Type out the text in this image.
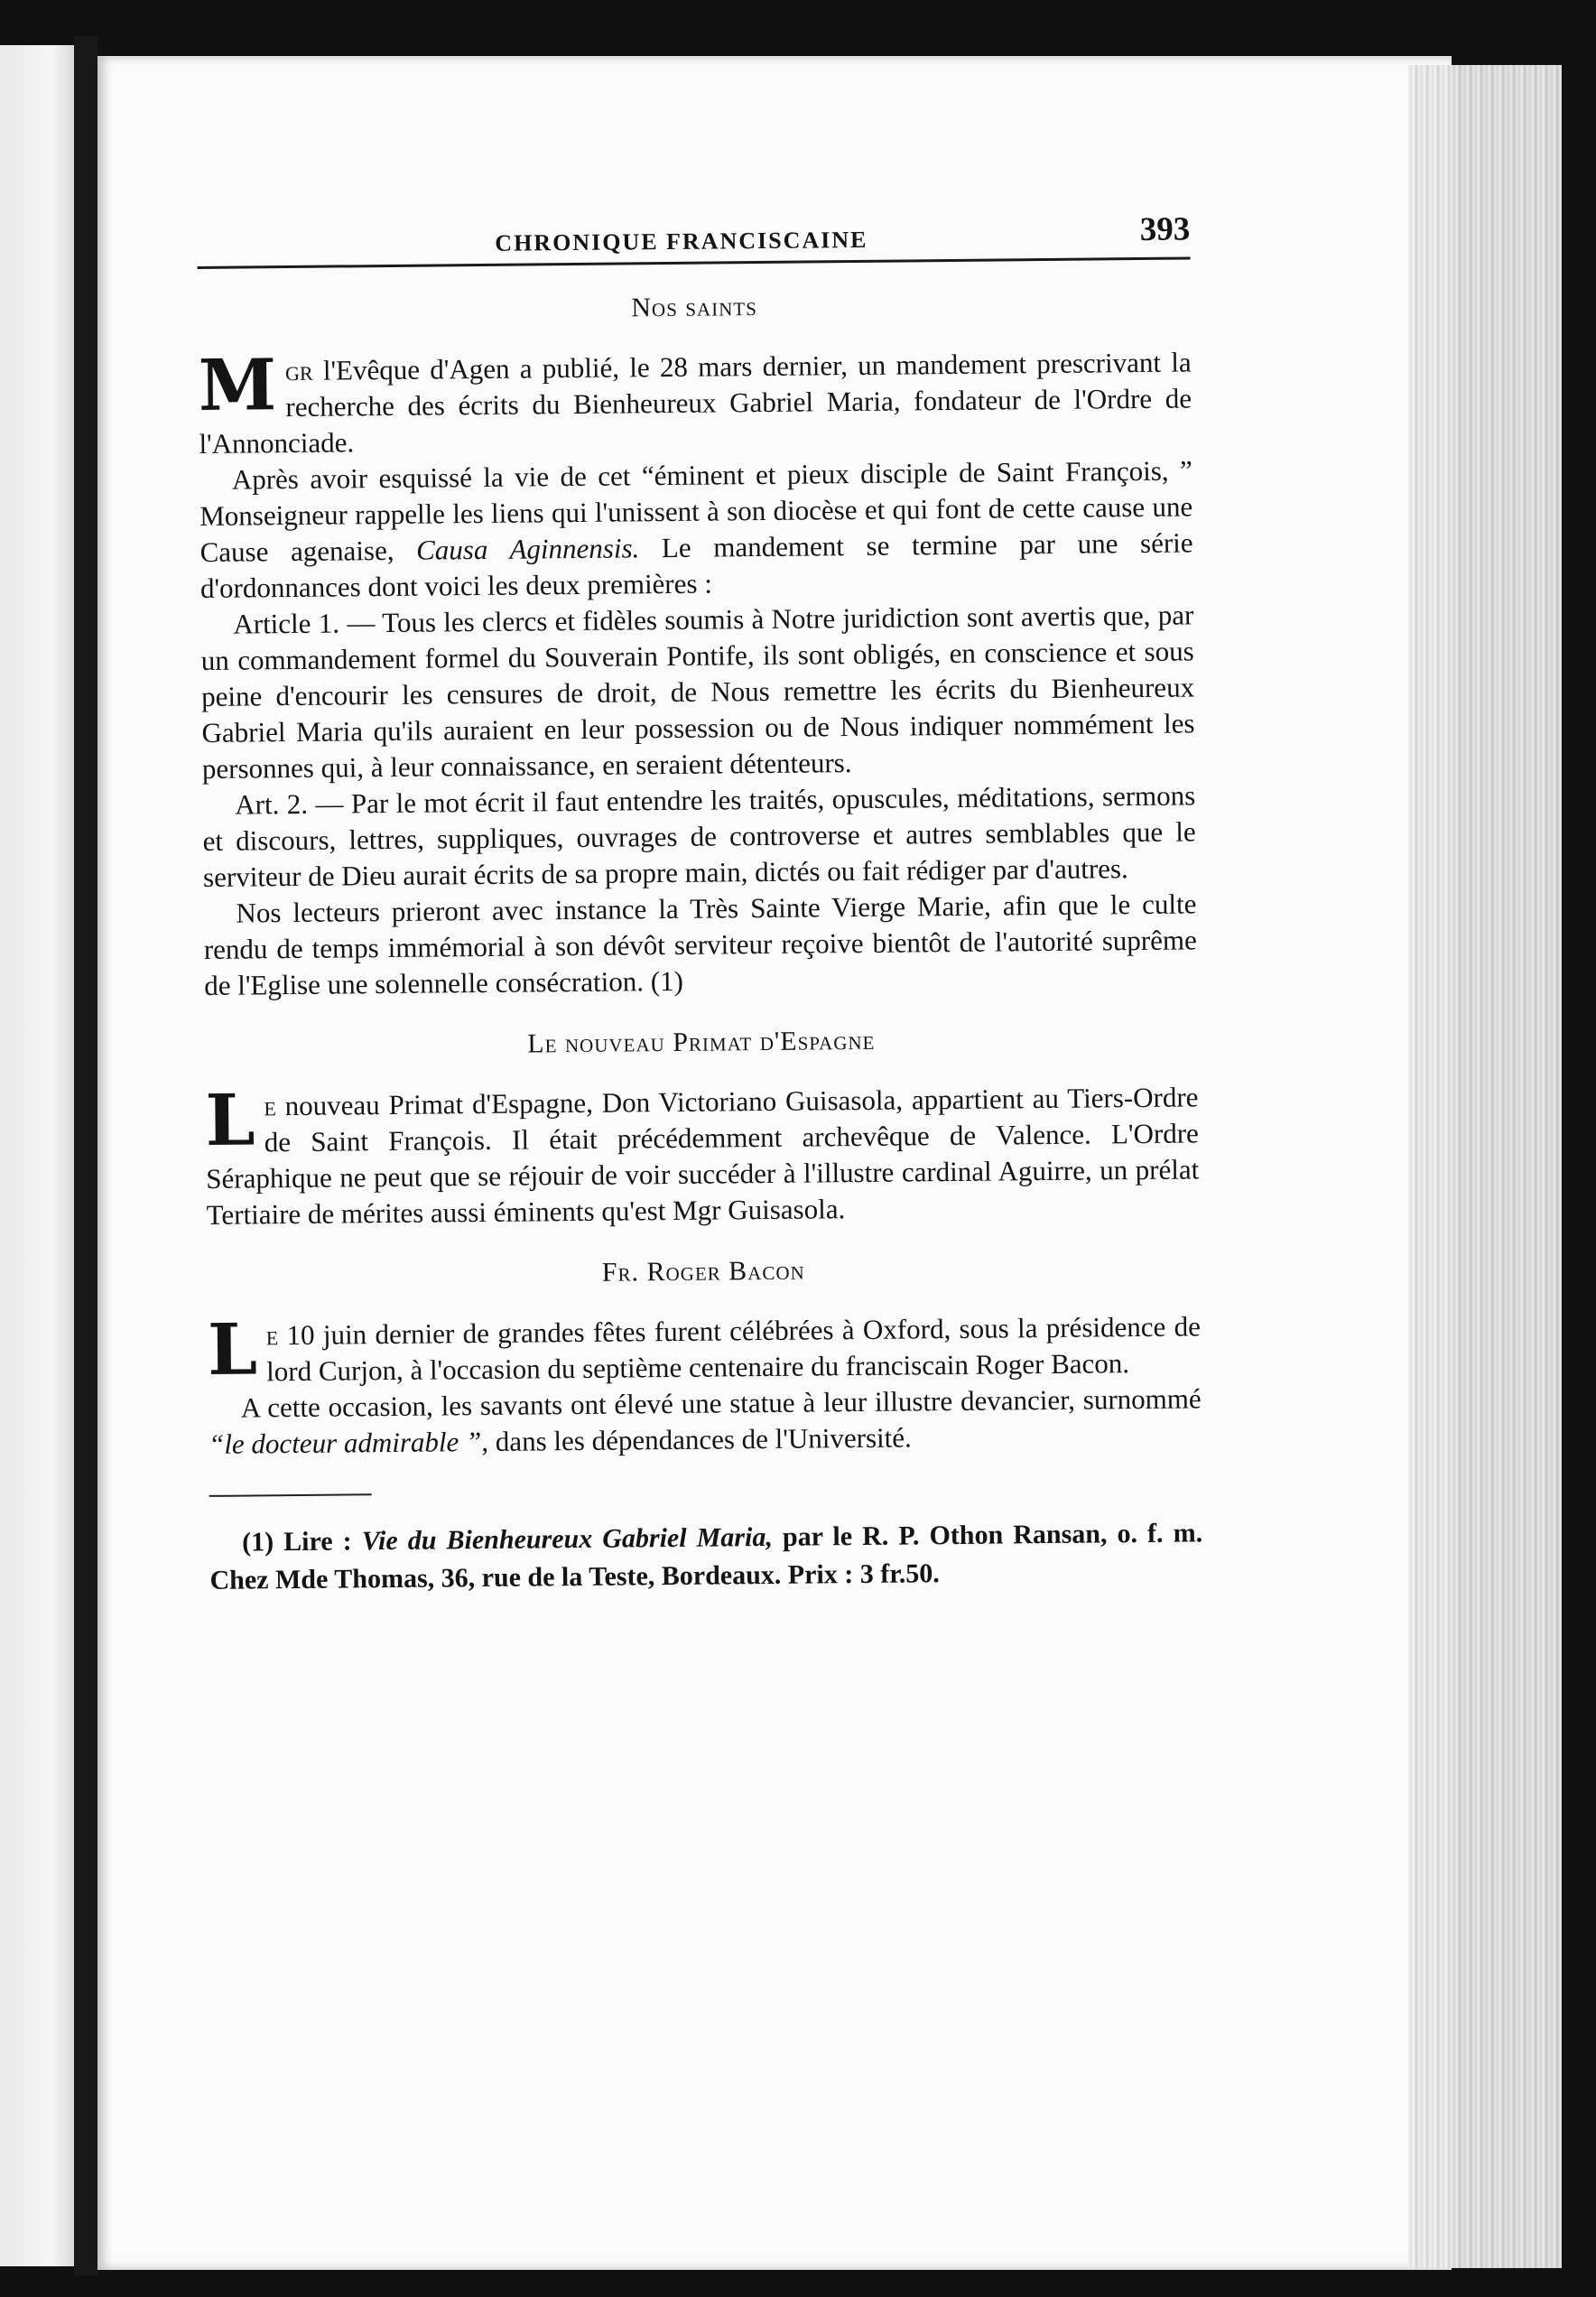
CHRONIQUE FRANCISCAINE	393
Nos saints

Mgr l'Evêque d'Agen a publié, le 28 mars dernier, un mandement prescrivant la recherche des écrits du Bienheureux Gabriel Maria, fondateur de l'Ordre de l'Annonciade.

Après avoir esquissé la vie de cet “éminent et pieux disciple de Saint François, ” Monseigneur rappelle les liens qui l'unissent à son diocèse et qui font de cette cause une Cause agenaise, Causa Aginnensis. Le mandement se termine par une série d'ordonnances dont voici les deux premières :

Article 1. — Tous les clercs et fidèles soumis à Notre juridiction sont avertis que, par un commandement formel du Souverain Pontife, ils sont obligés, en conscience et sous peine d'encourir les censures de droit, de Nous remettre les écrits du Bienheureux Gabriel Maria qu'ils auraient en leur possession ou de Nous indiquer nommément les personnes qui, à leur connaissance, en seraient détenteurs.

Art. 2. — Par le mot écrit il faut entendre les traités, opuscules, méditations, sermons et discours, lettres, suppliques, ouvrages de controverse et autres semblables que le serviteur de Dieu aurait écrits de sa propre main, dictés ou fait rédiger par d'autres.

Nos lecteurs prieront avec instance la Très Sainte Vierge Marie, afin que le culte rendu de temps immémorial à son dévôt serviteur reçoive bientôt de l'autorité suprême de l'Eglise une solennelle consécration. (1)

Le nouveau Primat d'Espagne

Le nouveau Primat d'Espagne, Don Victoriano Guisasola, appartient au Tiers-Ordre de Saint François. Il était précédemment archevêque de Valence. L'Ordre Séraphique ne peut que se réjouir de voir succéder à l'illustre cardinal Aguirre, un prélat Tertiaire de mérites aussi éminents qu'est Mgr Guisasola.

Fr. Roger Bacon

Le 10 juin dernier de grandes fêtes furent célébrées à Oxford, sous la présidence de lord Curjon, à l'occasion du septième centenaire du franciscain Roger Bacon.

A cette occasion, les savants ont élevé une statue à leur illustre devancier, surnommé “le docteur admirable ”, dans les dépendances de l'Université.

(1) Lire : Vie du Bienheureux Gabriel Maria, par le R. P. Othon Ransan, o. f. m. Chez Mde Thomas, 36, rue de la Teste, Bordeaux. Prix : 3 fr.50.
